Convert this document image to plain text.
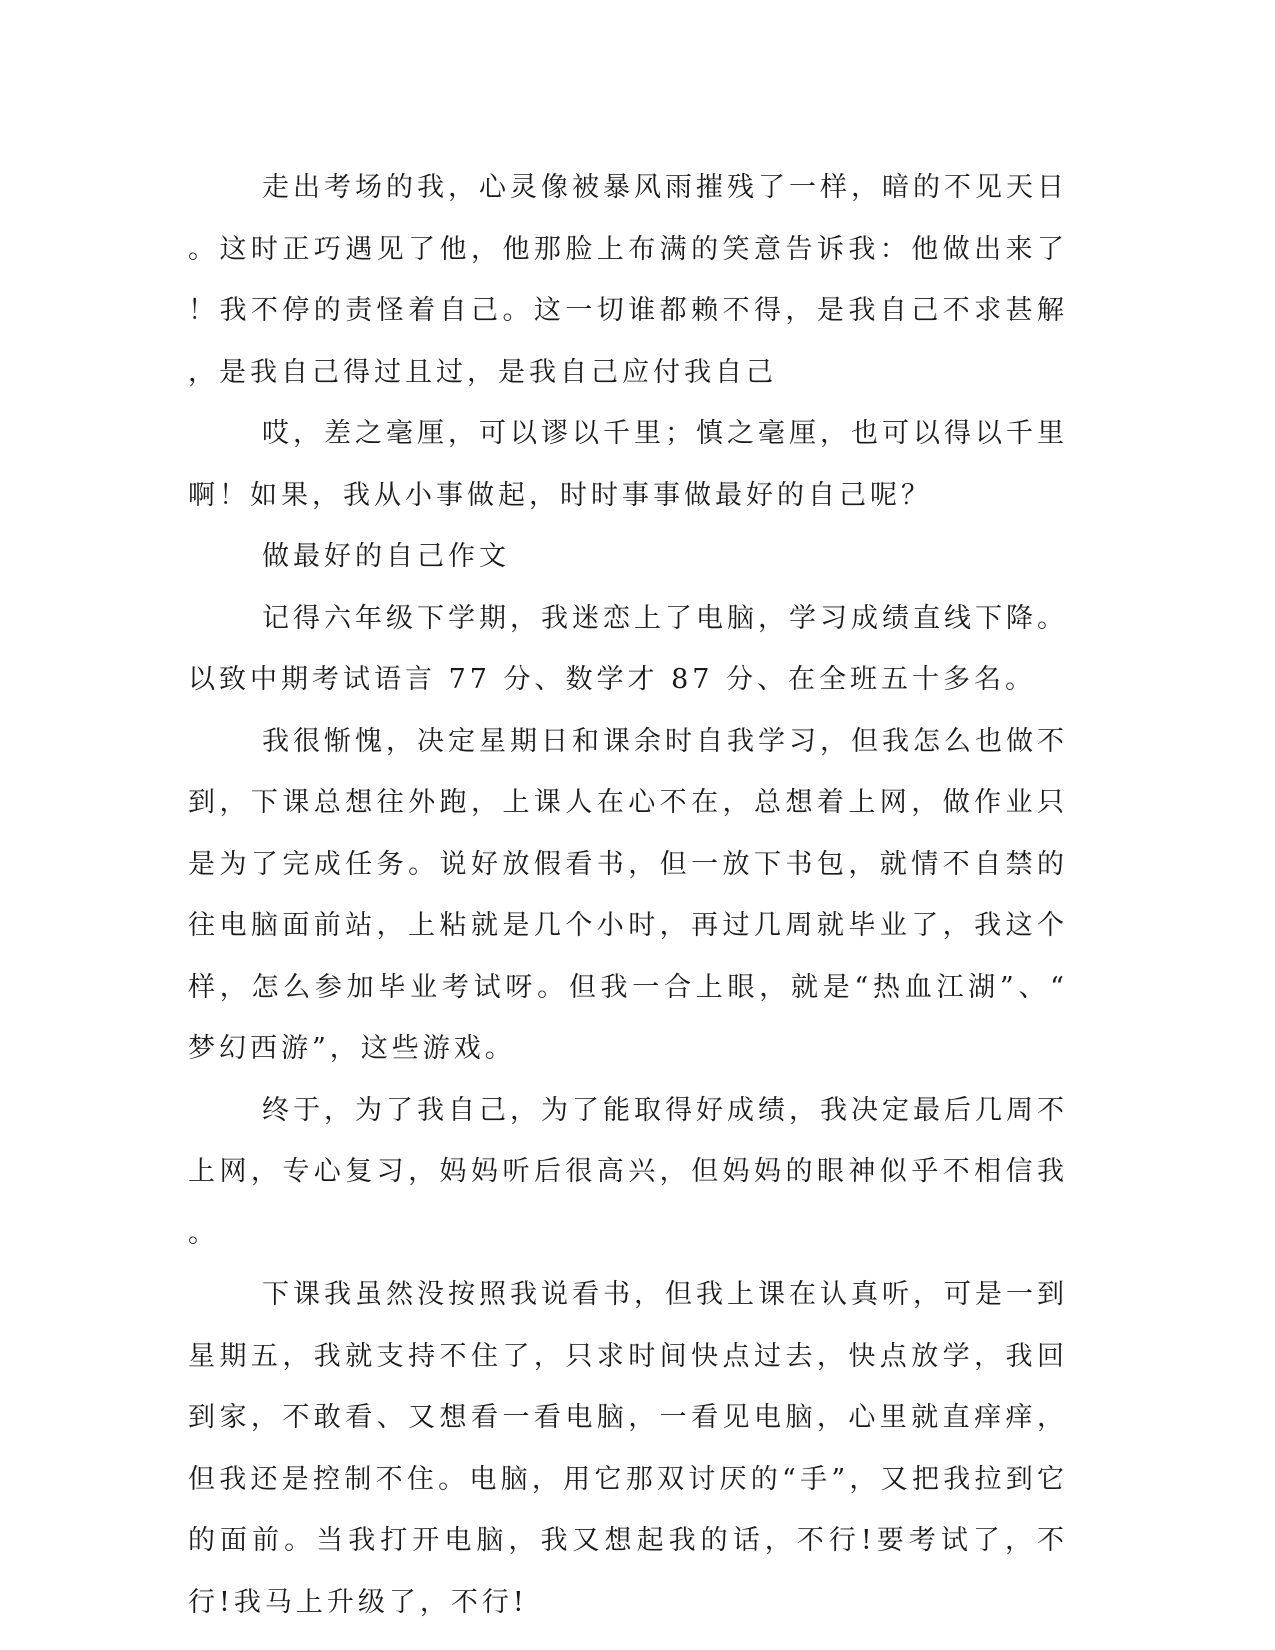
走出考场的我，心灵像被暴风雨摧残了一样，暗的不见天日。这时正巧遇见了他，他那脸上布满的笑意告诉我：他做出来了！我不停的责怪着自己。这一切谁都赖不得，是我自己不求甚解，是我自己得过且过，是我自己应付我自己

哎，差之毫厘，可以谬以千里；慎之毫厘，也可以得以千里啊！如果，我从小事做起，时时事事做最好的自己呢？

做最好的自己作文

记得六年级下学期，我迷恋上了电脑，学习成绩直线下降。以致中期考试语言 77 分、数学才 87 分、在全班五十多名。

我很惭愧，决定星期日和课余时自我学习，但我怎么也做不到，下课总想往外跑，上课人在心不在，总想着上网，做作业只是为了完成任务。说好放假看书，但一放下书包，就情不自禁的往电脑面前站，上粘就是几个小时，再过几周就毕业了，我这个样，怎么参加毕业考试呀。但我一合上眼，就是“热血江湖”、“梦幻西游”，这些游戏。

终于，为了我自己，为了能取得好成绩，我决定最后几周不上网，专心复习，妈妈听后很高兴，但妈妈的眼神似乎不相信我。

下课我虽然没按照我说看书，但我上课在认真听，可是一到星期五，我就支持不住了，只求时间快点过去，快点放学，我回到家，不敢看、又想看一看电脑，一看见电脑，心里就直痒痒，但我还是控制不住。电脑，用它那双讨厌的“手”，又把我拉到它的面前。当我打开电脑，我又想起我的话，不行!要考试了，不行!我马上升级了，不行!
